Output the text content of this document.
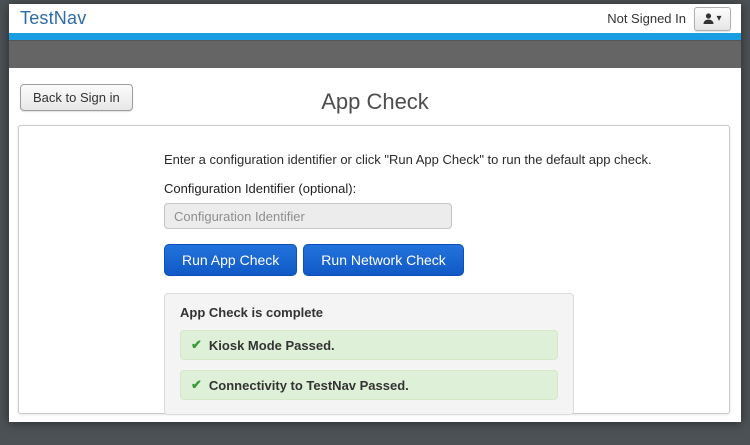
TestNav	Not Signed In	▾
Back to Sign in	App Check
Enter a configuration identifier or click "Run App Check" to run the default app check.
Configuration Identifier (optional):
Configuration Identifier
Run App Check	Run Network Check
App Check is complete
✔ Kiosk Mode Passed.
✔ Connectivity to TestNav Passed.
